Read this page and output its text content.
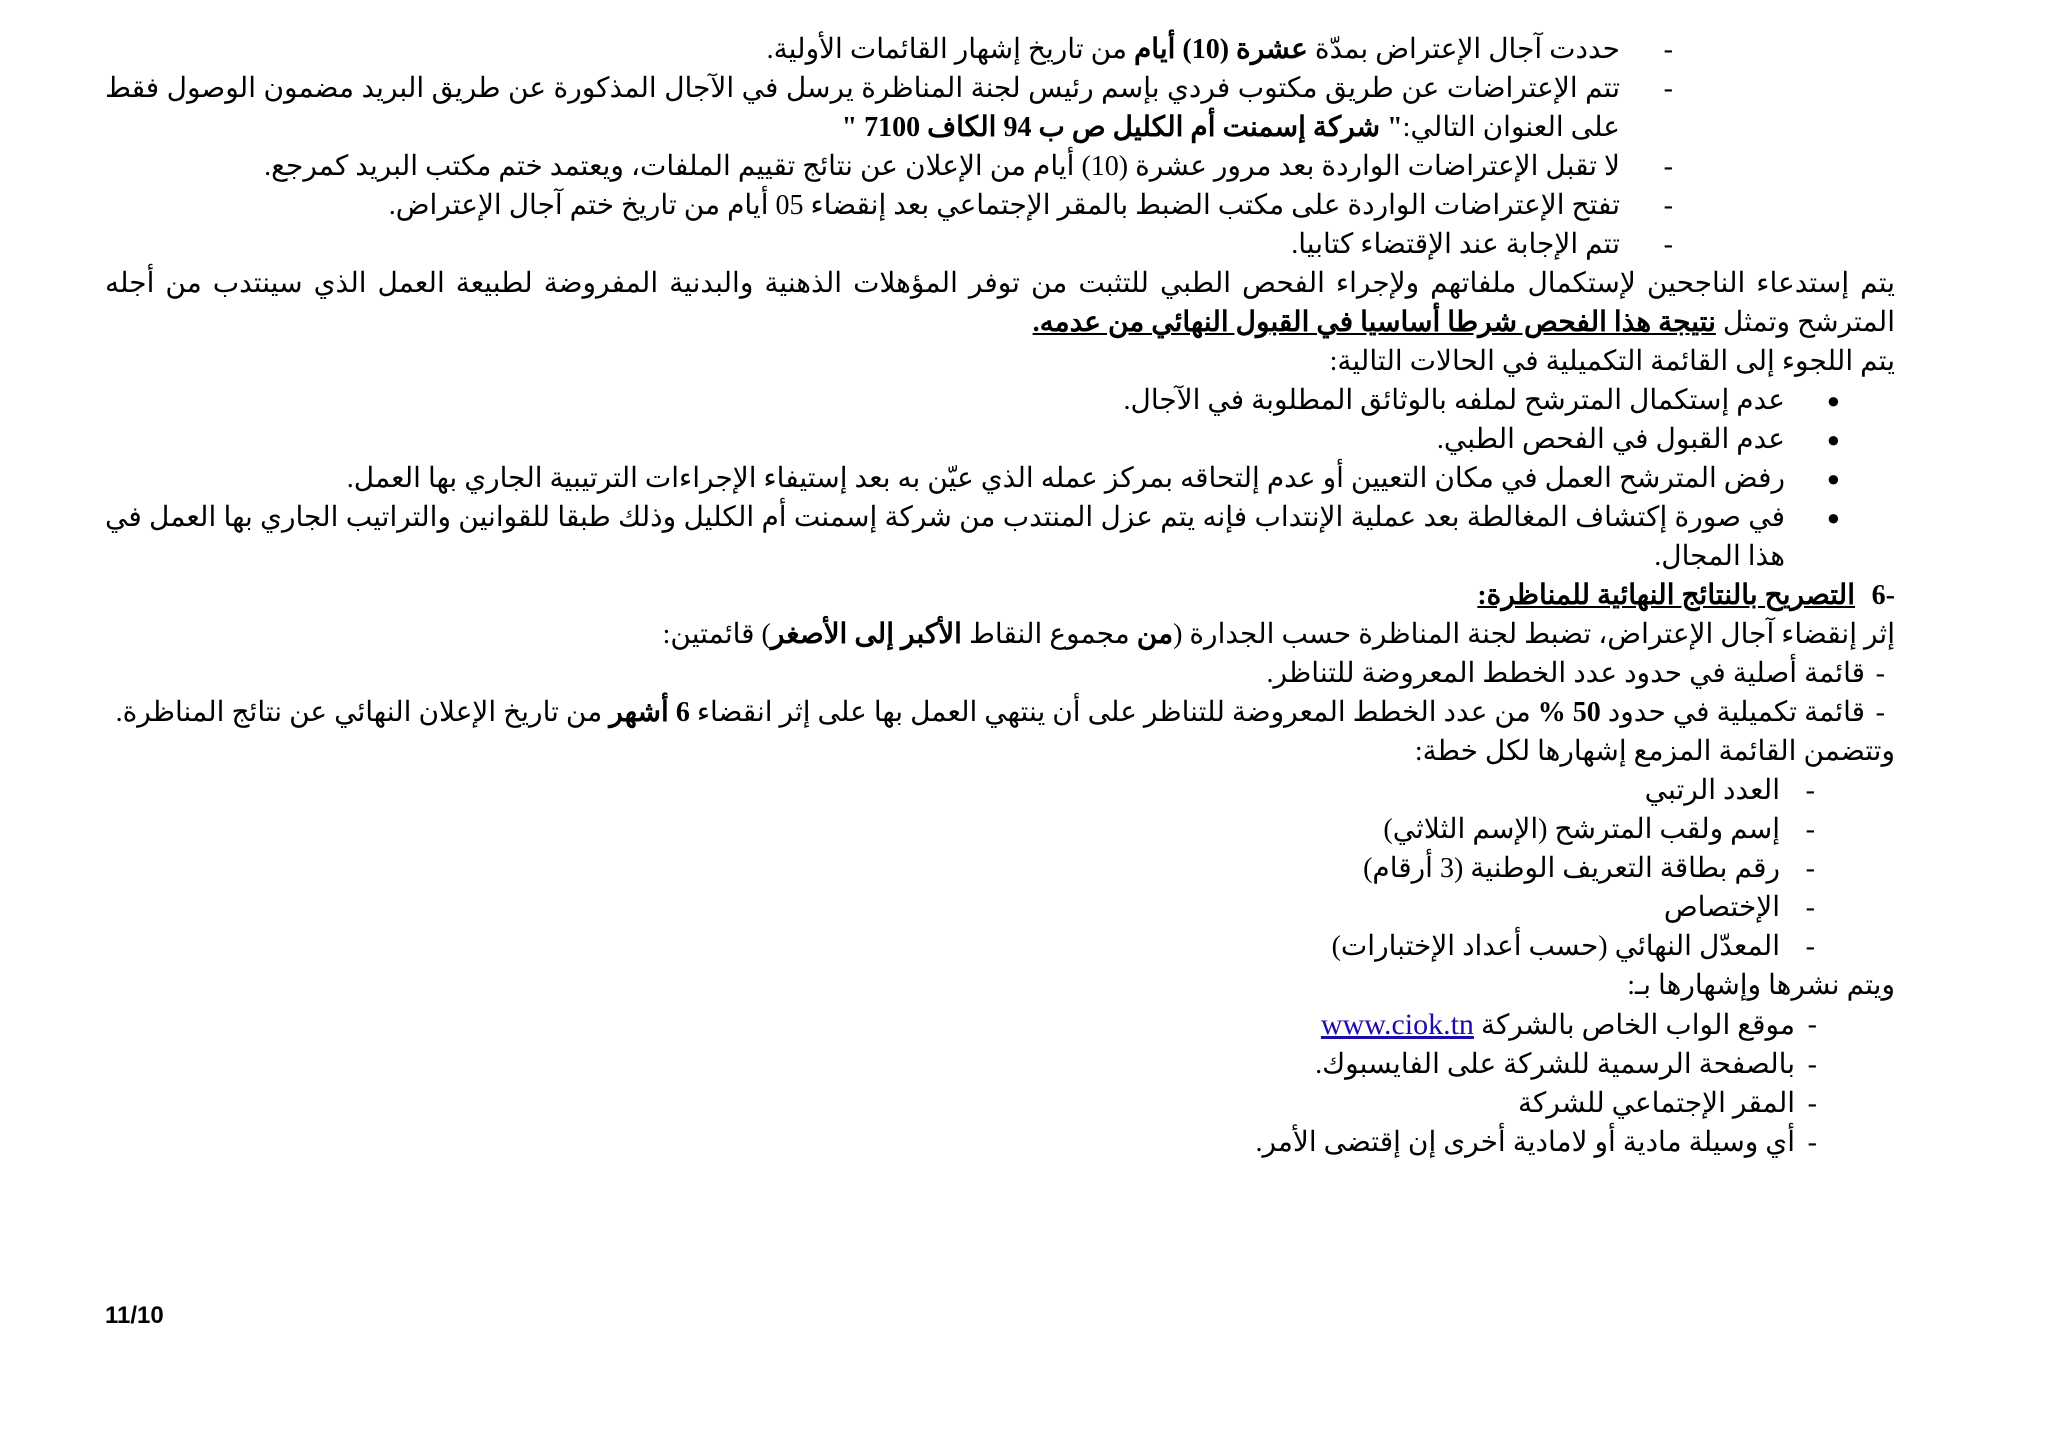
-
حددت آجال الإعتراض بمدّة عشرة (10) أيام من تاريخ إشهار القائمات الأولية.
-
تتم الإعتراضات عن طريق مكتوب فردي بإسم رئيس لجنة المناظرة يرسل في الآجال المذكورة عن طريق البريد مضمون الوصول فقط على العنوان التالي:" شركة إسمنت أم الكليل ص ب 94 الكاف 7100 "
-
لا تقبل الإعتراضات الواردة بعد مرور عشرة (10) أيام من الإعلان عن نتائج تقييم الملفات، ويعتمد ختم مكتب البريد كمرجع.
-
تفتح الإعتراضات الواردة على مكتب الضبط بالمقر الإجتماعي بعد إنقضاء 05 أيام من تاريخ ختم آجال الإعتراض.
-
تتم الإجابة عند الإقتضاء كتابيا.
يتم إستدعاء الناجحين لإستكمال ملفاتهم ولإجراء الفحص الطبي للتثبت من توفر المؤهلات الذهنية والبدنية المفروضة لطبيعة العمل الذي سينتدب من أجله المترشح وتمثل نتيجة هذا الفحص شرطا أساسيا في القبول النهائي من عدمه.
يتم اللجوء إلى القائمة التكميلية في الحالات التالية:
●
عدم إستكمال المترشح لملفه بالوثائق المطلوبة في الآجال.
●
عدم القبول في الفحص الطبي.
●
رفض المترشح العمل في مكان التعيين أو عدم إلتحاقه بمركز عمله الذي عيّن به بعد إستيفاء الإجراءات الترتيبية الجاري بها العمل.
●
في صورة إكتشاف المغالطة بعد عملية الإنتداب فإنه يتم عزل المنتدب من شركة إسمنت أم الكليل وذلك طبقا للقوانين والتراتيب الجاري بها العمل في هذا المجال.
-6
التصريح بالنتائج النهائية للمناظرة:
إثر إنقضاء آجال الإعتراض، تضبط لجنة المناظرة حسب الجدارة (من مجموع النقاط الأكبر إلى الأصغر) قائمتين:
-
قائمة أصلية في حدود عدد الخطط المعروضة للتناظر.
-
قائمة تكميلية في حدود 50 % من عدد الخطط المعروضة للتناظر على أن ينتهي العمل بها على إثر انقضاء 6 أشهر من تاريخ الإعلان النهائي عن نتائج المناظرة.
وتتضمن القائمة المزمع إشهارها لكل خطة:
-
العدد الرتبي
-
إسم ولقب المترشح (الإسم الثلاثي)
-
رقم بطاقة التعريف الوطنية (3 أرقام)
-
الإختصاص
-
المعدّل النهائي (حسب أعداد الإختبارات)
ويتم نشرها وإشهارها بـ:
-
موقع الواب الخاص بالشركة www.ciok.tn
-
بالصفحة الرسمية للشركة على الفايسبوك.
-
المقر الإجتماعي للشركة
-
أي وسيلة مادية أو لامادية أخرى إن إقتضى الأمر.
11/10
